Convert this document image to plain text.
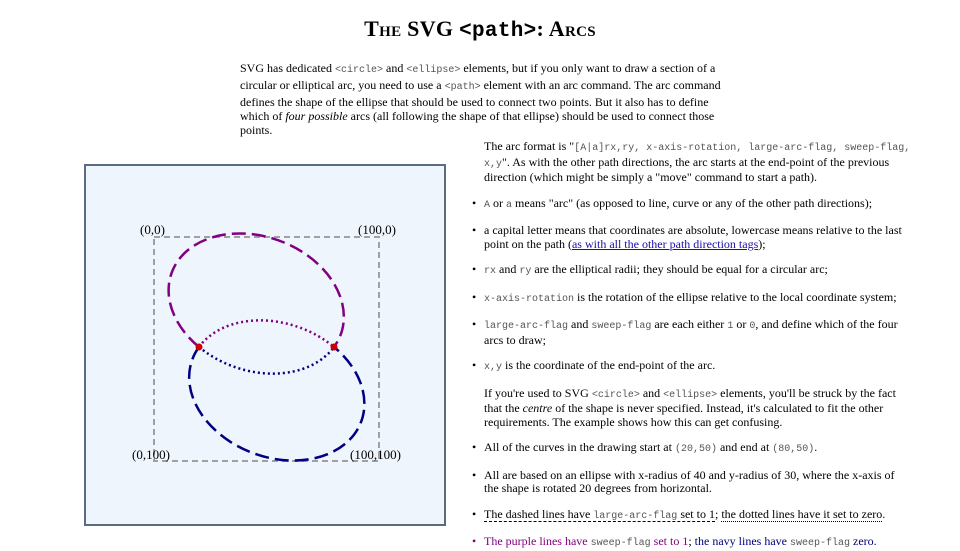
The SVG <path>: Arcs
SVG has dedicated <circle> and <ellipse> elements, but if you only want to draw a section of a circular or elliptical arc, you need to use a <path> element with an arc command. The arc command defines the shape of the ellipse that should be used to connect two points. But it also has to define which of four possible arcs (all following the shape of that ellipse) should be used to connect those points.
(0,0)	(100,0)
(0,100)	(100,100)

The arc format is "[A|a]rx,ry, x-axis-rotation, large-arc-flag, sweep-flag, x,y". As with the other path directions, the arc starts at the end-point of the previous direction (which might be simply a "move" command to start a path).

• A or a means "arc" (as opposed to line, curve or any of the other path directions);
• a capital letter means that coordinates are absolute, lowercase means relative to the last point on the path (as with all the other path direction tags);
• rx and ry are the elliptical radii; they should be equal for a circular arc;
• x-axis-rotation is the rotation of the ellipse relative to the local coordinate system;
• large-arc-flag and sweep-flag are each either 1 or 0, and define which of the four arcs to draw;
• x,y is the coordinate of the end-point of the arc.

If you're used to SVG <circle> and <ellipse> elements, you'll be struck by the fact that the centre of the shape is never specified. Instead, it's calculated to fit the other requirements. The example shows how this can get confusing.

• All of the curves in the drawing start at (20,50) and end at (80,50).
• All are based on an ellipse with x-radius of 40 and y-radius of 30, where the x-axis of the shape is rotated 20 degrees from horizontal.
• The dashed lines have large-arc-flag set to 1; the dotted lines have it set to zero.
• The purple lines have sweep-flag set to 1; the navy lines have sweep-flag zero.
